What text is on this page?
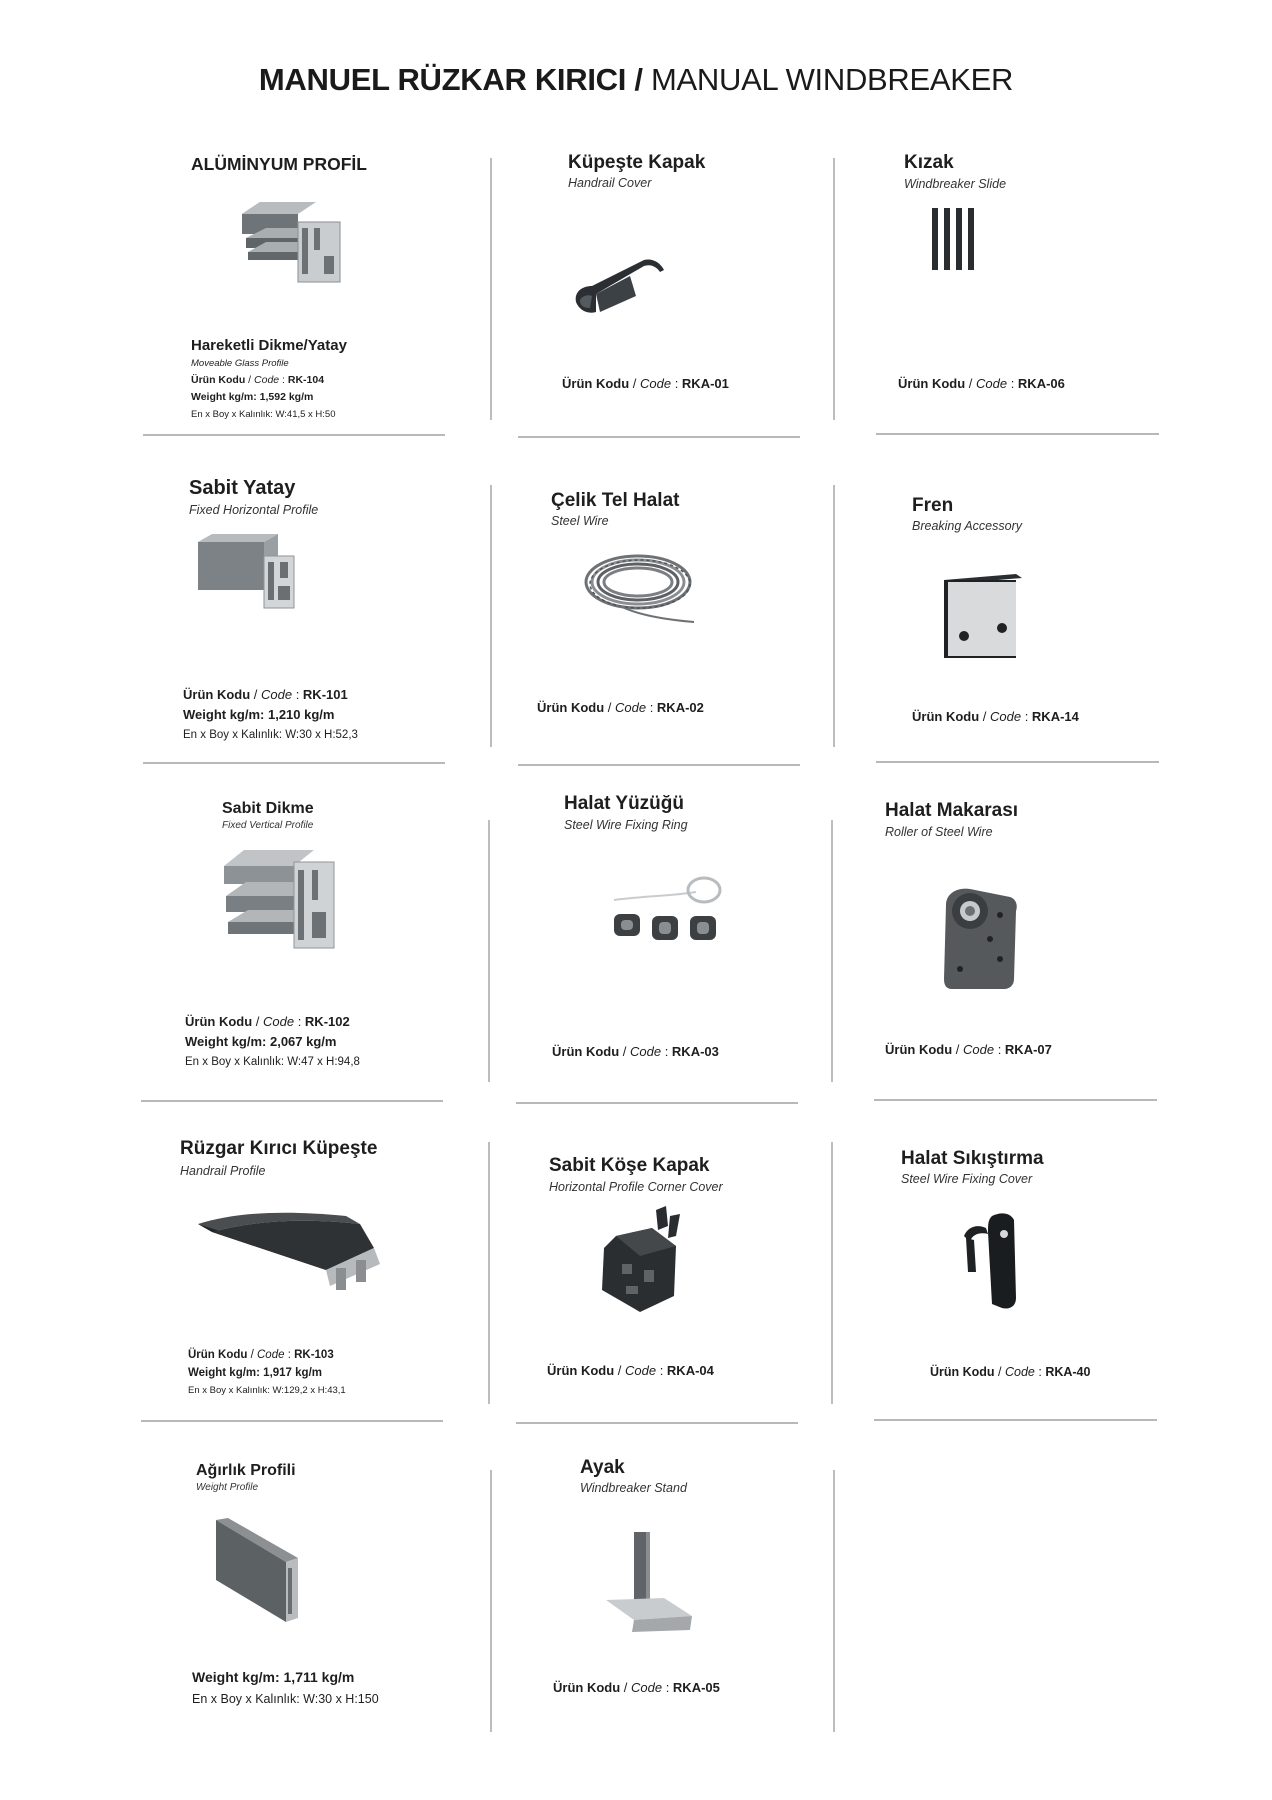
MANUEL RÜZKAR KIRICI / MANUAL WINDBREAKER
ALÜMİNYUM PROFİL
Hareketli Dikme/Yatay
Moveable Glass Profile
Ürün Kodu / Code : RK-104
Weight kg/m: 1,592 kg/m
En x Boy x Kalınlık: W:41,5 x H:50
Küpeşte Kapak
Handrail Cover
Ürün Kodu / Code : RKA-01
Kızak
Windbreaker Slide
Ürün Kodu / Code : RKA-06
Sabit Yatay
Fixed Horizontal Profile
Ürün Kodu / Code : RK-101
Weight kg/m: 1,210 kg/m
En x Boy x Kalınlık: W:30 x H:52,3
Çelik Tel Halat
Steel Wire
Ürün Kodu / Code : RKA-02
Fren
Breaking Accessory
Ürün Kodu / Code : RKA-14
Sabit Dikme
Fixed Vertical Profile
Ürün Kodu / Code : RK-102
Weight kg/m: 2,067 kg/m
En x Boy x Kalınlık: W:47 x H:94,8
Halat Yüzüğü
Steel Wire Fixing Ring
Ürün Kodu / Code : RKA-03
Halat Makarası
Roller of Steel Wire
Ürün Kodu / Code : RKA-07
Rüzgar Kırıcı Küpeşte
Handrail Profile
Ürün Kodu / Code : RK-103
Weight kg/m: 1,917 kg/m
En x Boy x Kalınlık: W:129,2 x H:43,1
Sabit Köşe Kapak
Horizontal Profile Corner Cover
Ürün Kodu / Code : RKA-04
Halat Sıkıştırma
Steel Wire Fixing Cover
Ürün Kodu / Code : RKA-40
Ağırlık Profili
Weight Profile
Weight kg/m: 1,711 kg/m
En x Boy x Kalınlık: W:30 x H:150
Ayak
Windbreaker Stand
Ürün Kodu / Code : RKA-05
